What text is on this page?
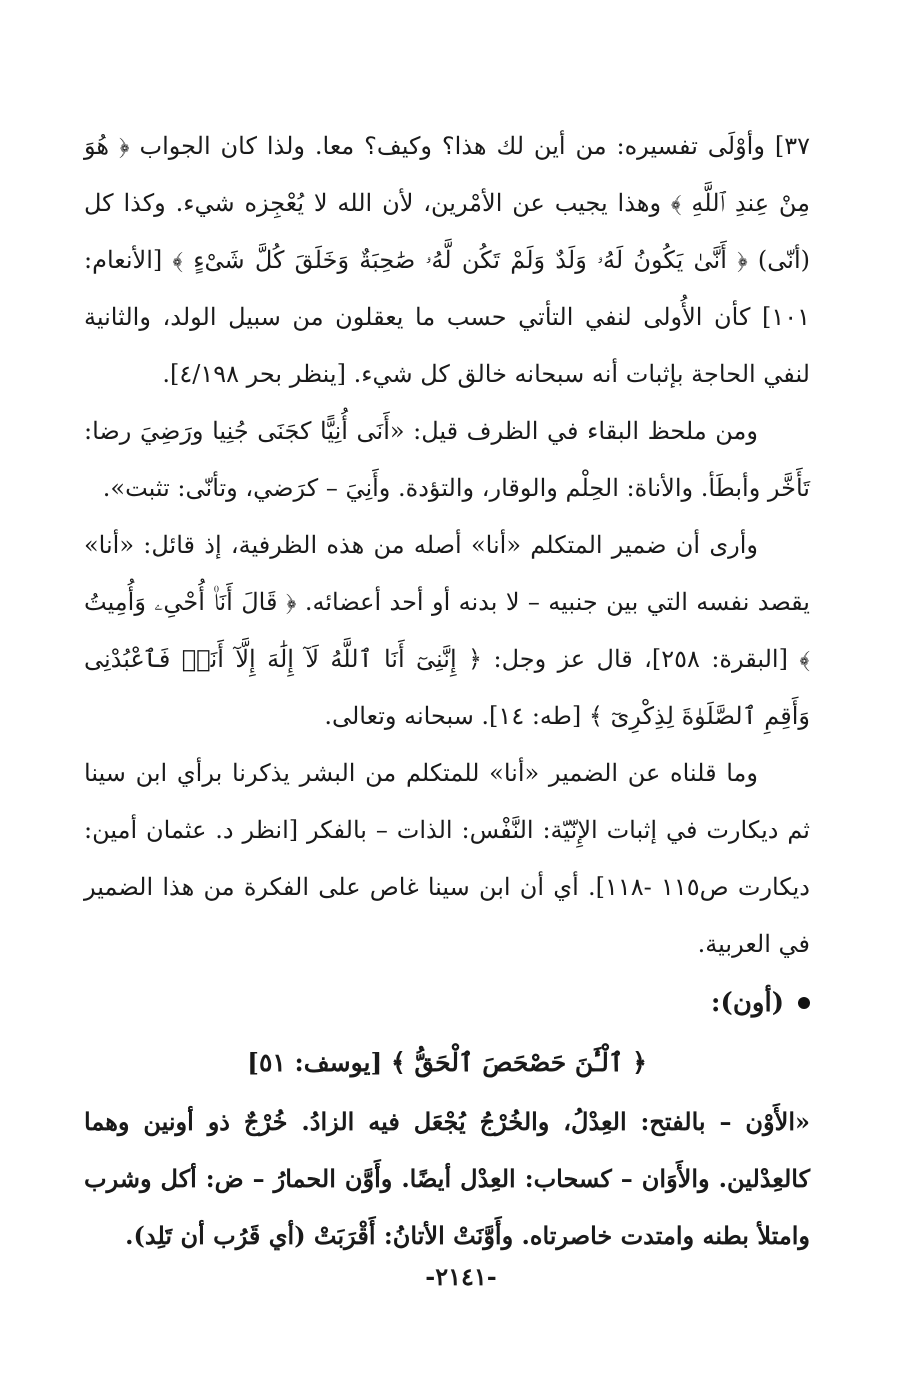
٣٧] وأوْلَى تفسيره: من أين لك هذا؟ وكيف؟ معا. ولذا كان الجواب ﴿ هُوَ مِنْ عِندِ ٱللَّهِ ﴾ وهذا يجيب عن الأمْرين، لأن الله لا يُعْجِزه شيء. وكذا كل (أنّى) ﴿ أَنَّىٰ يَكُونُ لَهُۥ وَلَدٌ وَلَمْ تَكُن لَّهُۥ صَٰحِبَةٌ وَخَلَقَ كُلَّ شَىْءٍ ﴾ [الأنعام: ١٠١] كأن الأُولى لنفي التأتي حسب ما يعقلون من سبيل الولد، والثانية لنفي الحاجة بإثبات أنه سبحانه خالق كل شيء. [ينظر بحر ٤/١٩٨].

ومن ملحظ البقاء في الظرف قيل: «أَنَى أُنِيًّا كجَنَى جُنِيا ورَضِيَ رضا: تَأَخَّر وأبطَأ. والأناة: الحِلْم والوقار، والتؤدة. وأَنِيَ – كرَضي، وتأنّى: تثبت».

وأرى أن ضمير المتكلم «أنا» أصله من هذه الظرفية، إذ قائل: «أنا» يقصد نفسه التي بين جنبيه – لا بدنه أو أحد أعضائه. ﴿ قَالَ أَنَا۠ أُحْىِۦ وَأُمِيتُ ﴾ [البقرة: ٢٥٨]، قال عز وجل: ﴿ إِنَّنِىٓ أَنَا ٱللَّهُ لَآ إِلَٰهَ إِلَّآ أَنَا۠ فَٱعْبُدْنِى وَأَقِمِ ٱلصَّلَوٰةَ لِذِكْرِىٓ ﴾ [طه: ١٤]. سبحانه وتعالى.

وما قلناه عن الضمير «أنا» للمتكلم من البشر يذكرنا برأي ابن سينا ثم ديكارت في إثبات الإِنّيّة: النَّفْس: الذات – بالفكر [انظر د. عثمان أمين: ديكارت ص١١٥ -١١٨]. أي أن ابن سينا غاص على الفكرة من هذا الضمير في العربية.

(أون):
﴿ ٱلْـَٰٔنَ حَصْحَصَ ٱلْحَقُّ ﴾ [يوسف: ٥١]

«الأَوْن – بالفتح: العِدْلُ، والخُرْجُ يُجْعَل فيه الزادُ. خُرْجٌ ذو أونين وهما كالعِدْلين. والأَوَان – كسحاب: العِدْل أيضًا. وأَوَّن الحمارُ – ض: أكل وشرب وامتلأ بطنه وامتدت خاصرتاه. وأَوَّنَتْ الأتانُ: أَقْرَبَتْ (أي قَرُب أن تَلِد).

-٢١٤١-
